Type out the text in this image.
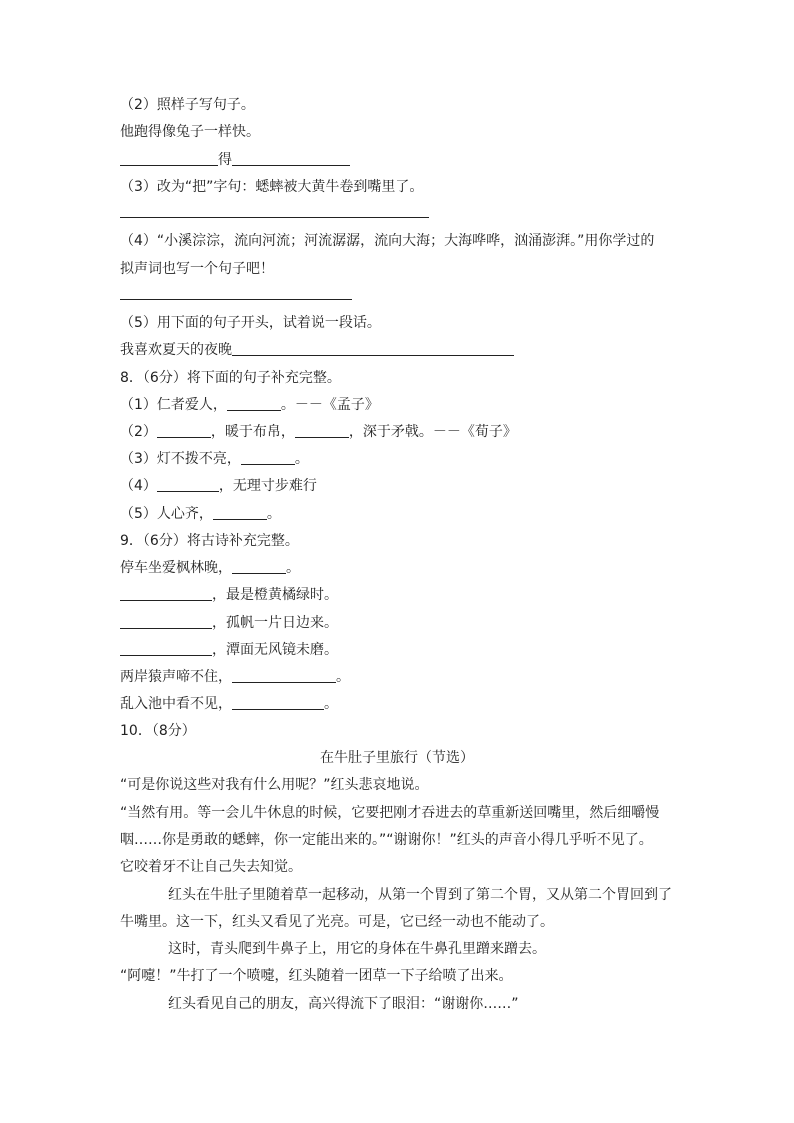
（2）照样子写句子。
他跑得像兔子一样快。
得
（3）改为“把”字句：蟋蟀被大黄牛卷到嘴里了。
（4）“小溪淙淙，流向河流；河流潺潺，流向大海；大海哗哗，汹涌澎湃。”用你学过的
拟声词也写一个句子吧！
（5）用下面的句子开头，试着说一段话。
我喜欢夏天的夜晚
8．（6分）将下面的句子补充完整。
（1）仁者爱人，	。－－《孟子》
（2）	，暖于布帛，	，深于矛戟。－－《荀子》
（3）灯不拨不亮，	。
（4）	，无理寸步难行
（5）人心齐，	。
9．（6分）将古诗补充完整。
停车坐爱枫林晚，	。
，最是橙黄橘绿时。
，孤帆一片日边来。
，潭面无风镜未磨。
两岸猿声啼不住，	。
乱入池中看不见，	。
10．（8分）
在牛肚子里旅行（节选）
“可是你说这些对我有什么用呢？”红头悲哀地说。
“当然有用。等一会儿牛休息的时候，它要把刚才吞进去的草重新送回嘴里，然后细嚼慢
咽……你是勇敢的蟋蟀，你一定能出来的。”“谢谢你！”红头的声音小得几乎听不见了。
它咬着牙不让自己失去知觉。
红头在牛肚子里随着草一起移动，从第一个胃到了第二个胃，又从第二个胃回到了
牛嘴里。这一下，红头又看见了光亮。可是，它已经一动也不能动了。
这时，青头爬到牛鼻子上，用它的身体在牛鼻孔里蹭来蹭去。
“阿嚏！”牛打了一个喷嚏，红头随着一团草一下子给喷了出来。
红头看见自己的朋友，高兴得流下了眼泪：“谢谢你……”
